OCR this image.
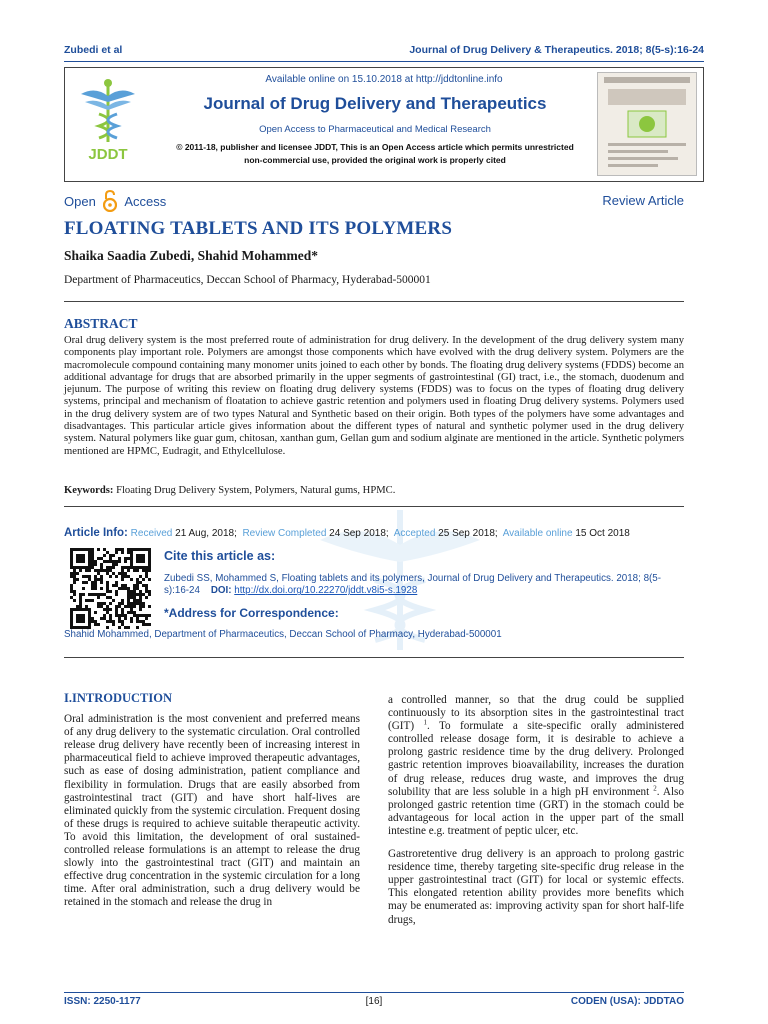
Zubedi et al	Journal of Drug Delivery & Therapeutics. 2018; 8(5-s):16-24
JDDT
Available online on 15.10.2018 at http://jddtonline.info
Journal of Drug Delivery and Therapeutics
Open Access to Pharmaceutical and Medical Research
© 2011-18, publisher and licensee JDDT, This is an Open Access article which permits unrestricted
non-commercial use, provided the original work is properly cited
Open Access	Review Article
FLOATING TABLETS AND ITS POLYMERS
Shaika Saadia Zubedi, Shahid Mohammed*
Department of Pharmaceutics, Deccan School of Pharmacy, Hyderabad-500001
ABSTRACT
Oral drug delivery system is the most preferred route of administration for drug delivery. In the development of the drug delivery system many components play important role. Polymers are amongst those components which have evolved with the drug delivery system. Polymers are the macromolecule compound containing many monomer units joined to each other by bonds. The floating drug delivery systems (FDDS) become an additional advantage for drugs that are absorbed primarily in the upper segments of gastrointestinal (GI) tract, i.e., the stomach, duodenum and jejunum. The purpose of writing this review on floating drug delivery systems (FDDS) was to focus on the types of floating drug delivery systems, principal and mechanism of floatation to achieve gastric retention and polymers used in floating Drug delivery systems. Polymers used in the drug delivery system are of two types Natural and Synthetic based on their origin. Both types of the polymers have some advantages and disadvantages. This particular article gives information about the different types of natural and synthetic polymer used in the drug delivery system. Natural polymers like guar gum, chitosan, xanthan gum, Gellan gum and sodium alginate are mentioned in the article. Synthetic polymers mentioned are HPMC, Eudragit, and Ethylcellulose.
Keywords: Floating Drug Delivery System, Polymers, Natural gums, HPMC.
Article Info: Received 21 Aug, 2018; Review Completed 24 Sep 2018; Accepted 25 Sep 2018; Available online 15 Oct 2018
Cite this article as:
Zubedi SS, Mohammed S, Floating tablets and its polymers, Journal of Drug Delivery and Therapeutics. 2018; 8(5-s):16-24 DOI: http://dx.doi.org/10.22270/jddt.v8i5-s.1928
*Address for Correspondence:
Shahid Mohammed, Department of Pharmaceutics, Deccan School of Pharmacy, Hyderabad-500001
I.INTRODUCTION

Oral administration is the most convenient and preferred means of any drug delivery to the systematic circulation. Oral controlled release drug delivery have recently been of increasing interest in pharmaceutical field to achieve improved therapeutic advantages, such as ease of dosing administration, patient compliance and flexibility in formulation. Drugs that are easily absorbed from gastrointestinal tract (GIT) and have short half-lives are eliminated quickly from the systemic circulation. Frequent dosing of these drugs is required to achieve suitable therapeutic activity. To avoid this limitation, the development of oral sustained-controlled release formulations is an attempt to release the drug slowly into the gastrointestinal tract (GIT) and maintain an effective drug concentration in the systemic circulation for a long time. After oral administration, such a drug delivery would be retained in the stomach and release the drug in

a controlled manner, so that the drug could be supplied continuously to its absorption sites in the gastrointestinal tract (GIT) $^1$. To formulate a site-specific orally administered controlled release dosage form, it is desirable to achieve a prolong gastric residence time by the drug delivery. Prolonged gastric retention improves bioavailability, increases the duration of drug release, reduces drug waste, and improves the drug solubility that are less soluble in a high pH environment $^2$. Also prolonged gastric retention time (GRT) in the stomach could be advantageous for local action in the upper part of the small intestine e.g. treatment of peptic ulcer, etc.

Gastroretentive drug delivery is an approach to prolong gastric residence time, thereby targeting site-specific drug release in the upper gastrointestinal tract (GIT) for local or systemic effects. This elongated retention ability provides more benefits which may be enumerated as: improving activity span for short half-life drugs,

ISSN: 2250-1177	[16]	CODEN (USA): JDDTAO
